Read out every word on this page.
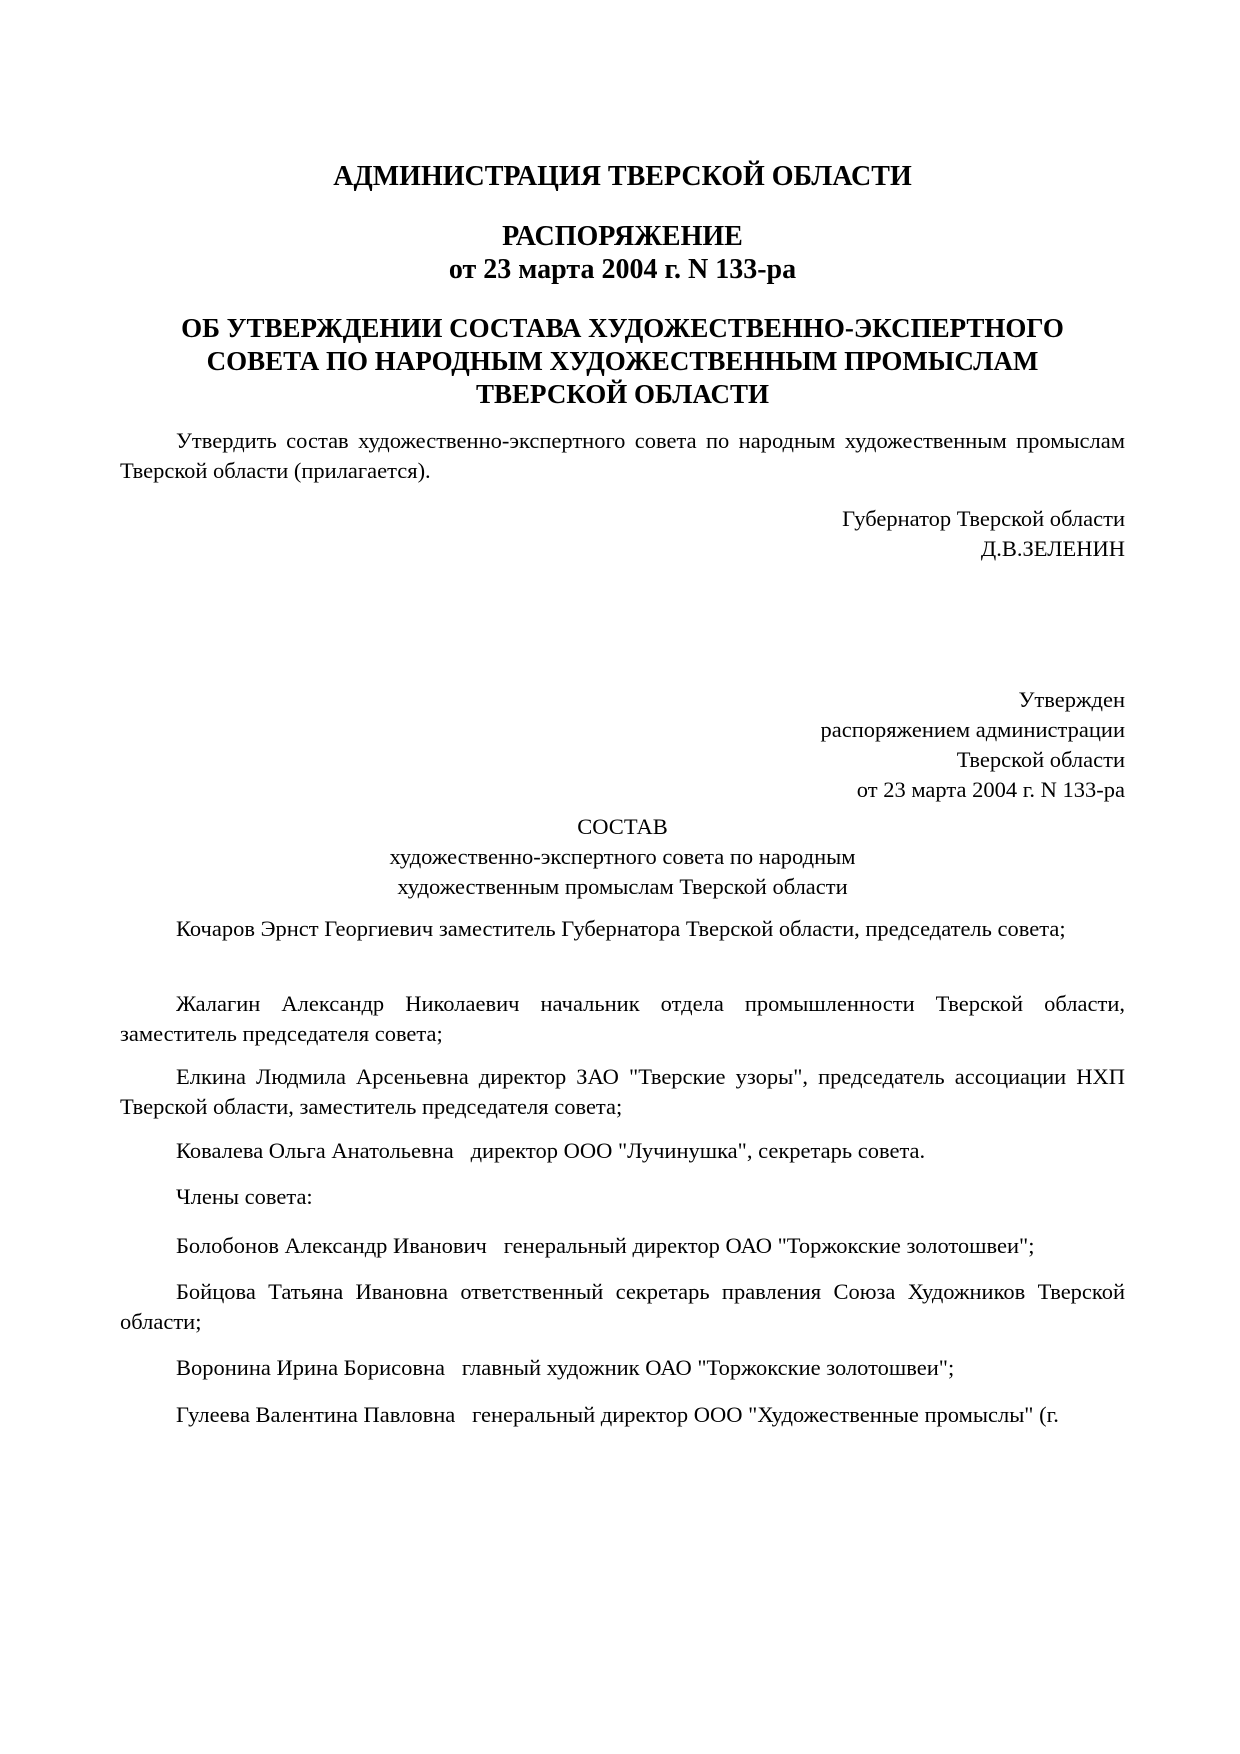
АДМИНИСТРАЦИЯ ТВЕРСКОЙ ОБЛАСТИ
РАСПОРЯЖЕНИЕ
от 23 марта 2004 г. N 133-ра
ОБ УТВЕРЖДЕНИИ СОСТАВА ХУДОЖЕСТВЕННО-ЭКСПЕРТНОГО
СОВЕТА ПО НАРОДНЫМ ХУДОЖЕСТВЕННЫМ ПРОМЫСЛАМ
ТВЕРСКОЙ ОБЛАСТИ
Утвердить состав художественно-экспертного совета по народным художественным промыслам Тверской области (прилагается).
Губернатор Тверской области
Д.В.ЗЕЛЕНИН
Утвержден
распоряжением администрации
Тверской области
от 23 марта 2004 г. N 133-ра
СОСТАВ
художественно-экспертного совета по народным
художественным промыслам Тверской области
Кочаров Эрнст Георгиевич заместитель Губернатора Тверской области, председатель совета;
Жалагин Александр Николаевич начальник отдела промышленности Тверской области, заместитель председателя совета;
Елкина Людмила Арсеньевна директор ЗАО "Тверские узоры", председатель ассоциации НХП Тверской области, заместитель председателя совета;
Ковалева Ольга Анатольевна   директор ООО "Лучинушка", секретарь совета.
Члены совета:
Болобонов Александр Иванович   генеральный директор ОАО "Торжокские золотошвеи";
Бойцова Татьяна Ивановна ответственный секретарь правления Союза Художников Тверской области;
Воронина Ирина Борисовна   главный художник ОАО "Торжокские золотошвеи";
Гулеева Валентина Павловна   генеральный директор ООО "Художественные промыслы" (г.
